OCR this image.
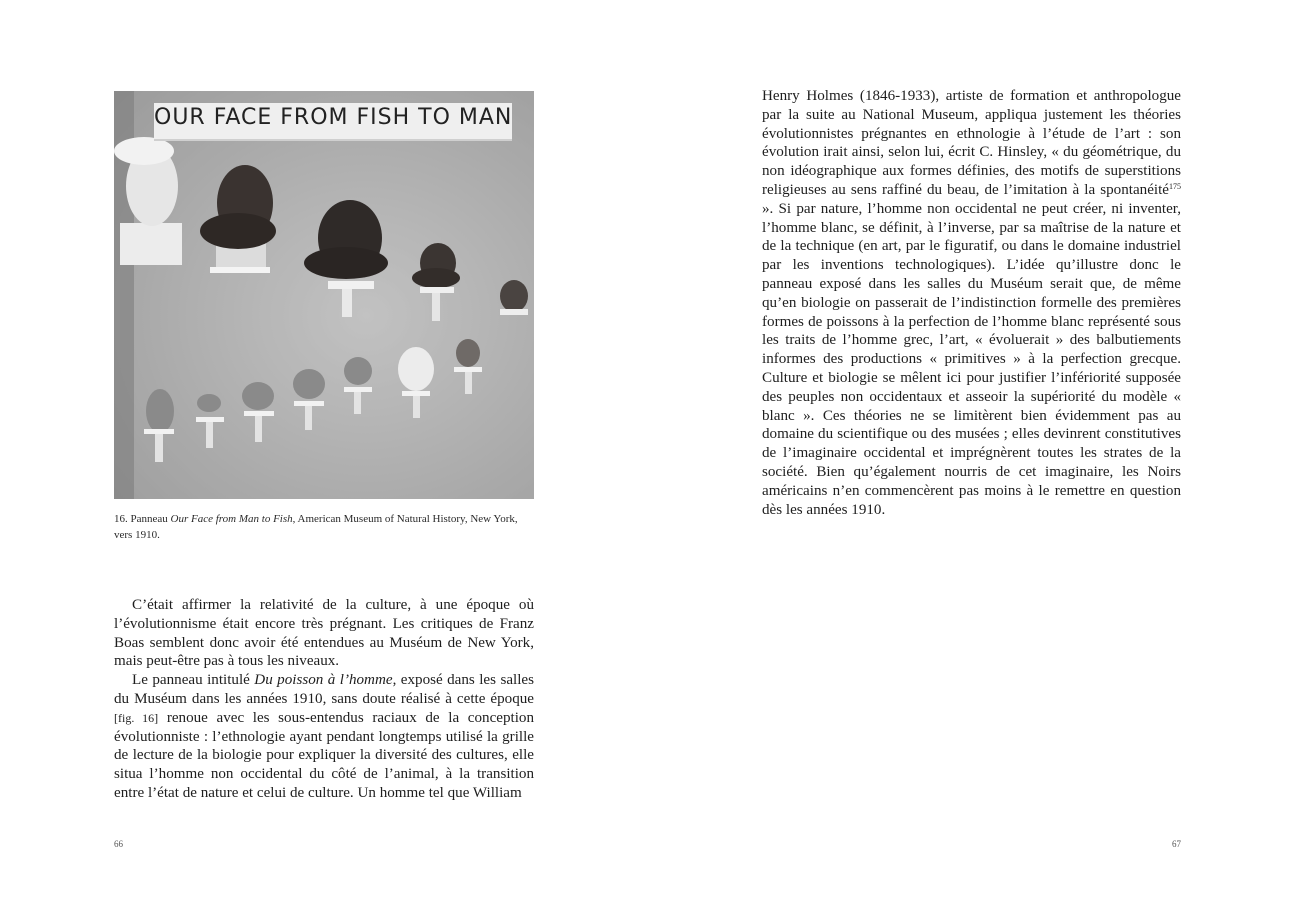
OUR FACE FROM FISH TO MAN
16. Panneau Our Face from Man to Fish, American Museum of Natural History, New York, vers 1910.

C’était affirmer la relativité de la culture, à une époque où l’évolutionnisme était encore très prégnant. Les critiques de Franz Boas semblent donc avoir été entendues au Muséum de New York, mais peut-être pas à tous les niveaux.

Le panneau intitulé Du poisson à l’homme, exposé dans les salles du Muséum dans les années 1910, sans doute réalisé à cette époque [fig. 16] renoue avec les sous-entendus raciaux de la conception évolutionniste : l’ethnologie ayant pendant longtemps utilisé la grille de lecture de la biologie pour expliquer la diversité des cultures, elle situa l’homme non occidental du côté de l’animal, à la transition entre l’état de nature et celui de culture. Un homme tel que William

66

Henry Holmes (1846-1933), artiste de formation et anthropologue par la suite au National Museum, appliqua justement les théories évolutionnistes prégnantes en ethnologie à l’étude de l’art : son évolution irait ainsi, selon lui, écrit C. Hinsley, « du géométrique, du non idéographique aux formes définies, des motifs de superstitions religieuses au sens raffiné du beau, de l’imitation à la spontanéité$^{175}$ ». Si par nature, l’homme non occidental ne peut créer, ni inventer, l’homme blanc, se définit, à l’inverse, par sa maîtrise de la nature et de la technique (en art, par le figuratif, ou dans le domaine industriel par les inventions technologiques). L’idée qu’illustre donc le panneau exposé dans les salles du Muséum serait que, de même qu’en biologie on passerait de l’indistinction formelle des premières formes de poissons à la perfection de l’homme blanc représenté sous les traits de l’homme grec, l’art, « évoluerait » des balbutiements informes des productions « primitives » à la perfection grecque. Culture et biologie se mêlent ici pour justifier l’infériorité supposée des peuples non occidentaux et asseoir la supériorité du modèle « blanc ». Ces théories ne se limitèrent bien évidemment pas au domaine du scientifique ou des musées ; elles devinrent constitutives de l’imaginaire occidental et imprégnèrent toutes les strates de la société. Bien qu’également nourris de cet imaginaire, les Noirs américains n’en commencèrent pas moins à le remettre en question dès les années 1910.

67
